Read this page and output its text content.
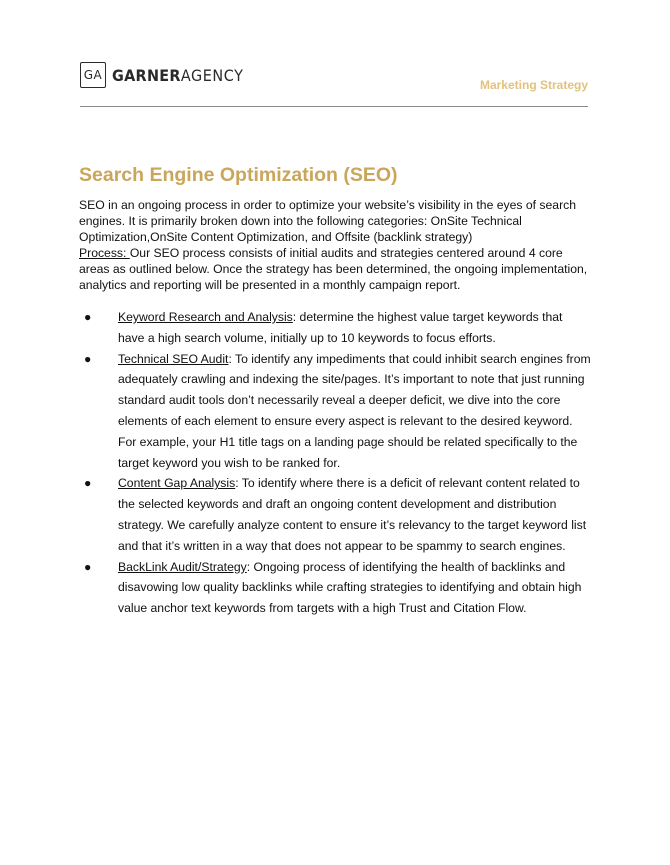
GA GARNERAGENCY
Marketing Strategy
Search Engine Optimization (SEO)

SEO in an ongoing process in order to optimize your website’s visibility in the eyes of search engines. It is primarily broken down into the following categories: OnSite Technical Optimization,OnSite Content Optimization, and Offsite (backlink strategy)

Process: Our SEO process consists of initial audits and strategies centered around 4 core areas as outlined below. Once the strategy has been determined, the ongoing implementation, analytics and reporting will be presented in a monthly campaign report.

● Keyword Research and Analysis: determine the highest value target keywords that have a high search volume, initially up to 10 keywords to focus efforts.
● Technical SEO Audit: To identify any impediments that could inhibit search engines from adequately crawling and indexing the site/pages. It’s important to note that just running standard audit tools don’t necessarily reveal a deeper deficit, we dive into the core elements of each element to ensure every aspect is relevant to the desired keyword. For example, your H1 title tags on a landing page should be related specifically to the target keyword you wish to be ranked for.
● Content Gap Analysis: To identify where there is a deficit of relevant content related to the selected keywords and draft an ongoing content development and distribution strategy. We carefully analyze content to ensure it’s relevancy to the target keyword list and that it’s written in a way that does not appear to be spammy to search engines.
● BackLink Audit/Strategy: Ongoing process of identifying the health of backlinks and disavowing low quality backlinks while crafting strategies to identifying and obtain high value anchor text keywords from targets with a high Trust and Citation Flow.
